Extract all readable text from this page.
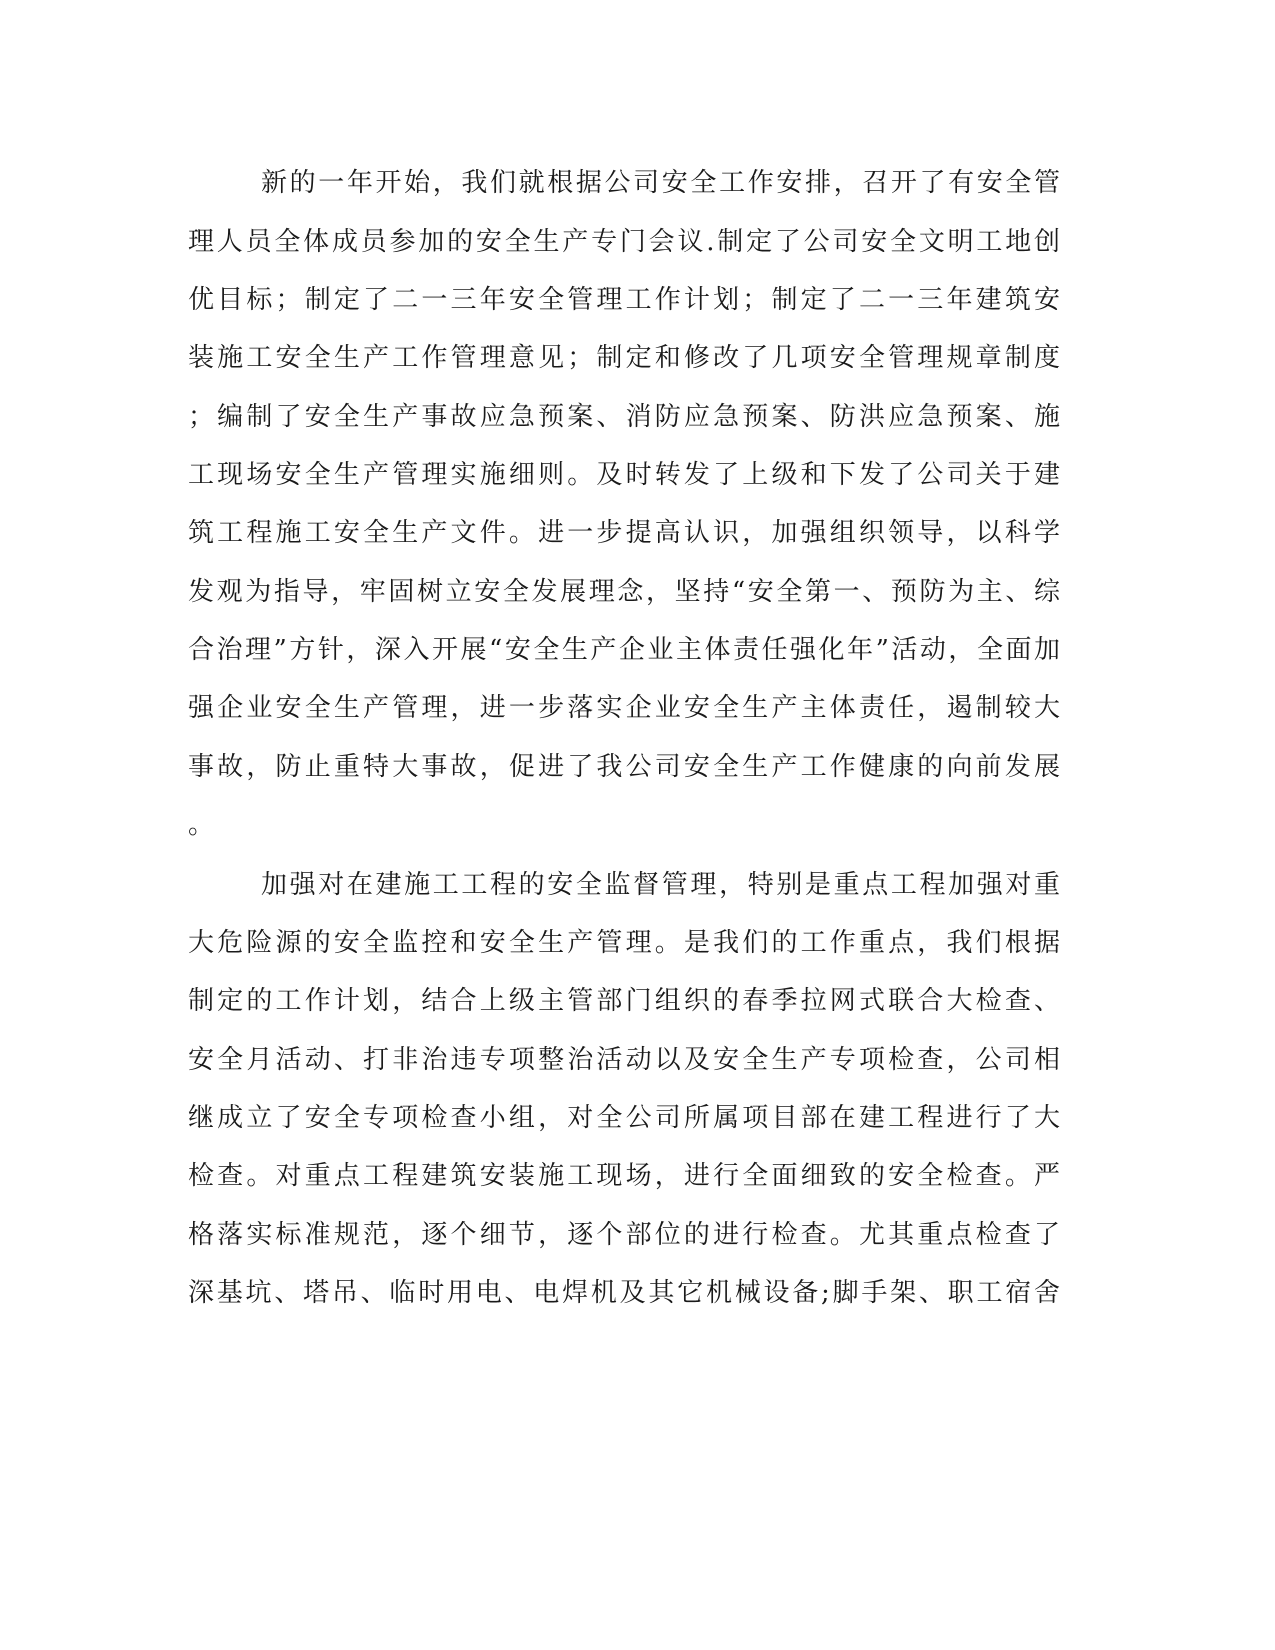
新的一年开始，我们就根据公司安全工作安排，召开了有安全管
理人员全体成员参加的安全生产专门会议.制定了公司安全文明工地创
优目标；制定了二一三年安全管理工作计划；制定了二一三年建筑安
装施工安全生产工作管理意见；制定和修改了几项安全管理规章制度
；编制了安全生产事故应急预案、消防应急预案、防洪应急预案、施
工现场安全生产管理实施细则。及时转发了上级和下发了公司关于建
筑工程施工安全生产文件。进一步提高认识，加强组织领导，以科学
发观为指导，牢固树立安全发展理念，坚持“安全第一、预防为主、综
合治理”方针，深入开展“安全生产企业主体责任强化年”活动，全面加
强企业安全生产管理，进一步落实企业安全生产主体责任，遏制较大
事故，防止重特大事故，促进了我公司安全生产工作健康的向前发展
。
加强对在建施工工程的安全监督管理，特别是重点工程加强对重
大危险源的安全监控和安全生产管理。是我们的工作重点，我们根据
制定的工作计划，结合上级主管部门组织的春季拉网式联合大检查、
安全月活动、打非治违专项整治活动以及安全生产专项检查，公司相
继成立了安全专项检查小组，对全公司所属项目部在建工程进行了大
检查。对重点工程建筑安装施工现场，进行全面细致的安全检查。严
格落实标准规范，逐个细节，逐个部位的进行检查。尤其重点检查了
深基坑、塔吊、临时用电、电焊机及其它机械设备;脚手架、职工宿舍
